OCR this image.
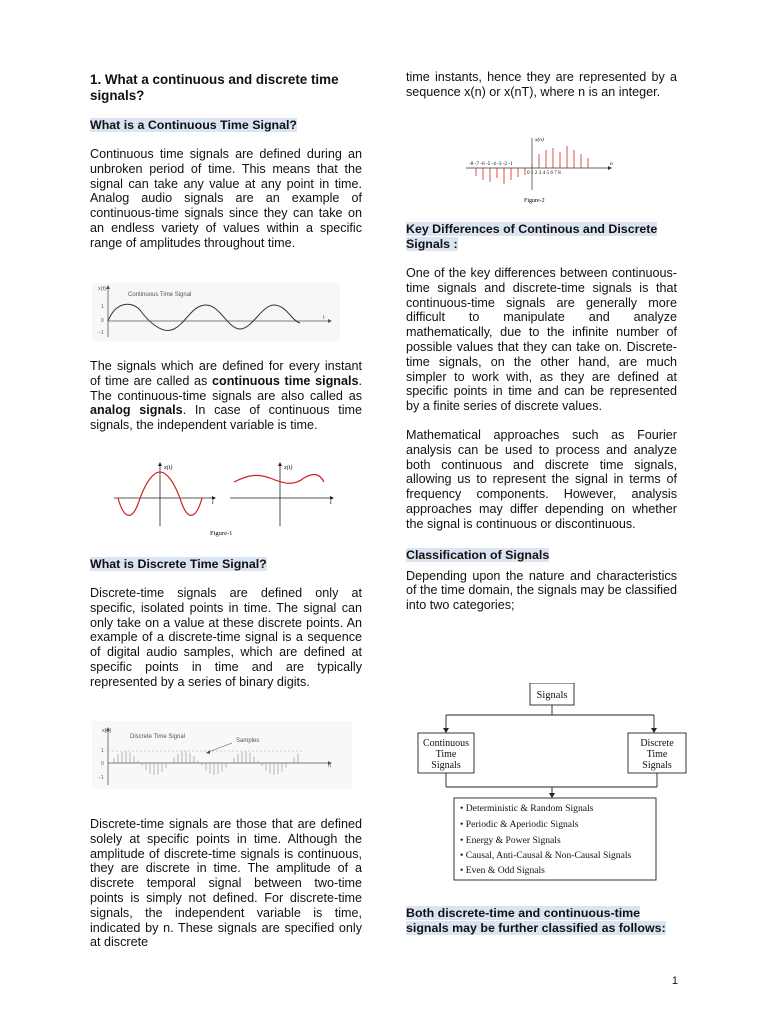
1. What a continuous and discrete time signals?
What is a Continuous Time Signal?

Continuous time signals are defined during an unbroken period of time. This means that the signal can take any value at any point in time. Analog audio signals are an example of continuous-time signals since they can take on an endless variety of values within a specific range of amplitudes throughout time.

x(t)
Continuous Time Signal
t
1
0
−1

The signals which are defined for every instant of time are called as continuous time signals. The continuous-time signals are also called as analog signals. In case of continuous time signals, the independent variable is time.

x(t)
t
x(t)
t
Figure-1
What is Discrete Time Signal?

Discrete-time signals are defined only at specific, isolated points in time. The signal can only take on a value at these discrete points. An example of a discrete-time signal is a sequence of digital audio samples, which are defined at specific points in time and are typically represented by a series of binary digits.

x[n]
Discrete Time Signal
Samples
n
1
0
−1

Discrete-time signals are those that are defined solely at specific points in time. Although the amplitude of discrete-time signals is continuous, they are discrete in time. The amplitude of a discrete temporal signal between two-time points is simply not defined. For discrete-time signals, the independent variable is time, indicated by n. These signals are specified only at discrete

time instants, hence they are represented by a sequence x(n) or x(nT), where n is an integer.

x(n)
n
-8 -7 -6 -5 -4 -3 -2 -1
0 1 2 3 4 5 6 7 8
Figure-2
Key Differences of Continous and Discrete Signals :

One of the key differences between continuous-time signals and discrete-time signals is that continuous-time signals are generally more difficult to manipulate and analyze mathematically, due to the infinite number of possible values that they can take on. Discrete-time signals, on the other hand, are much simpler to work with, as they are defined at specific points in time and can be represented by a finite series of discrete values.

Mathematical approaches such as Fourier analysis can be used to process and analyze both continuous and discrete time signals, allowing us to represent the signal in terms of frequency components. However, analysis approaches may differ depending on whether the signal is continuous or discontinuous.

Classification of Signals

Depending upon the nature and characteristics of the time domain, the signals may be classified into two categories;

Signals
Continuous
Time
Signals
Discrete
Time
Signals
• Deterministic & Random Signals
• Periodic & Aperiodic Signals
• Energy & Power Signals
• Causal, Anti-Causal & Non-Causal Signals
• Even & Odd Signals
Both discrete-time and continuous-time signals may be further classified as follows:
1
